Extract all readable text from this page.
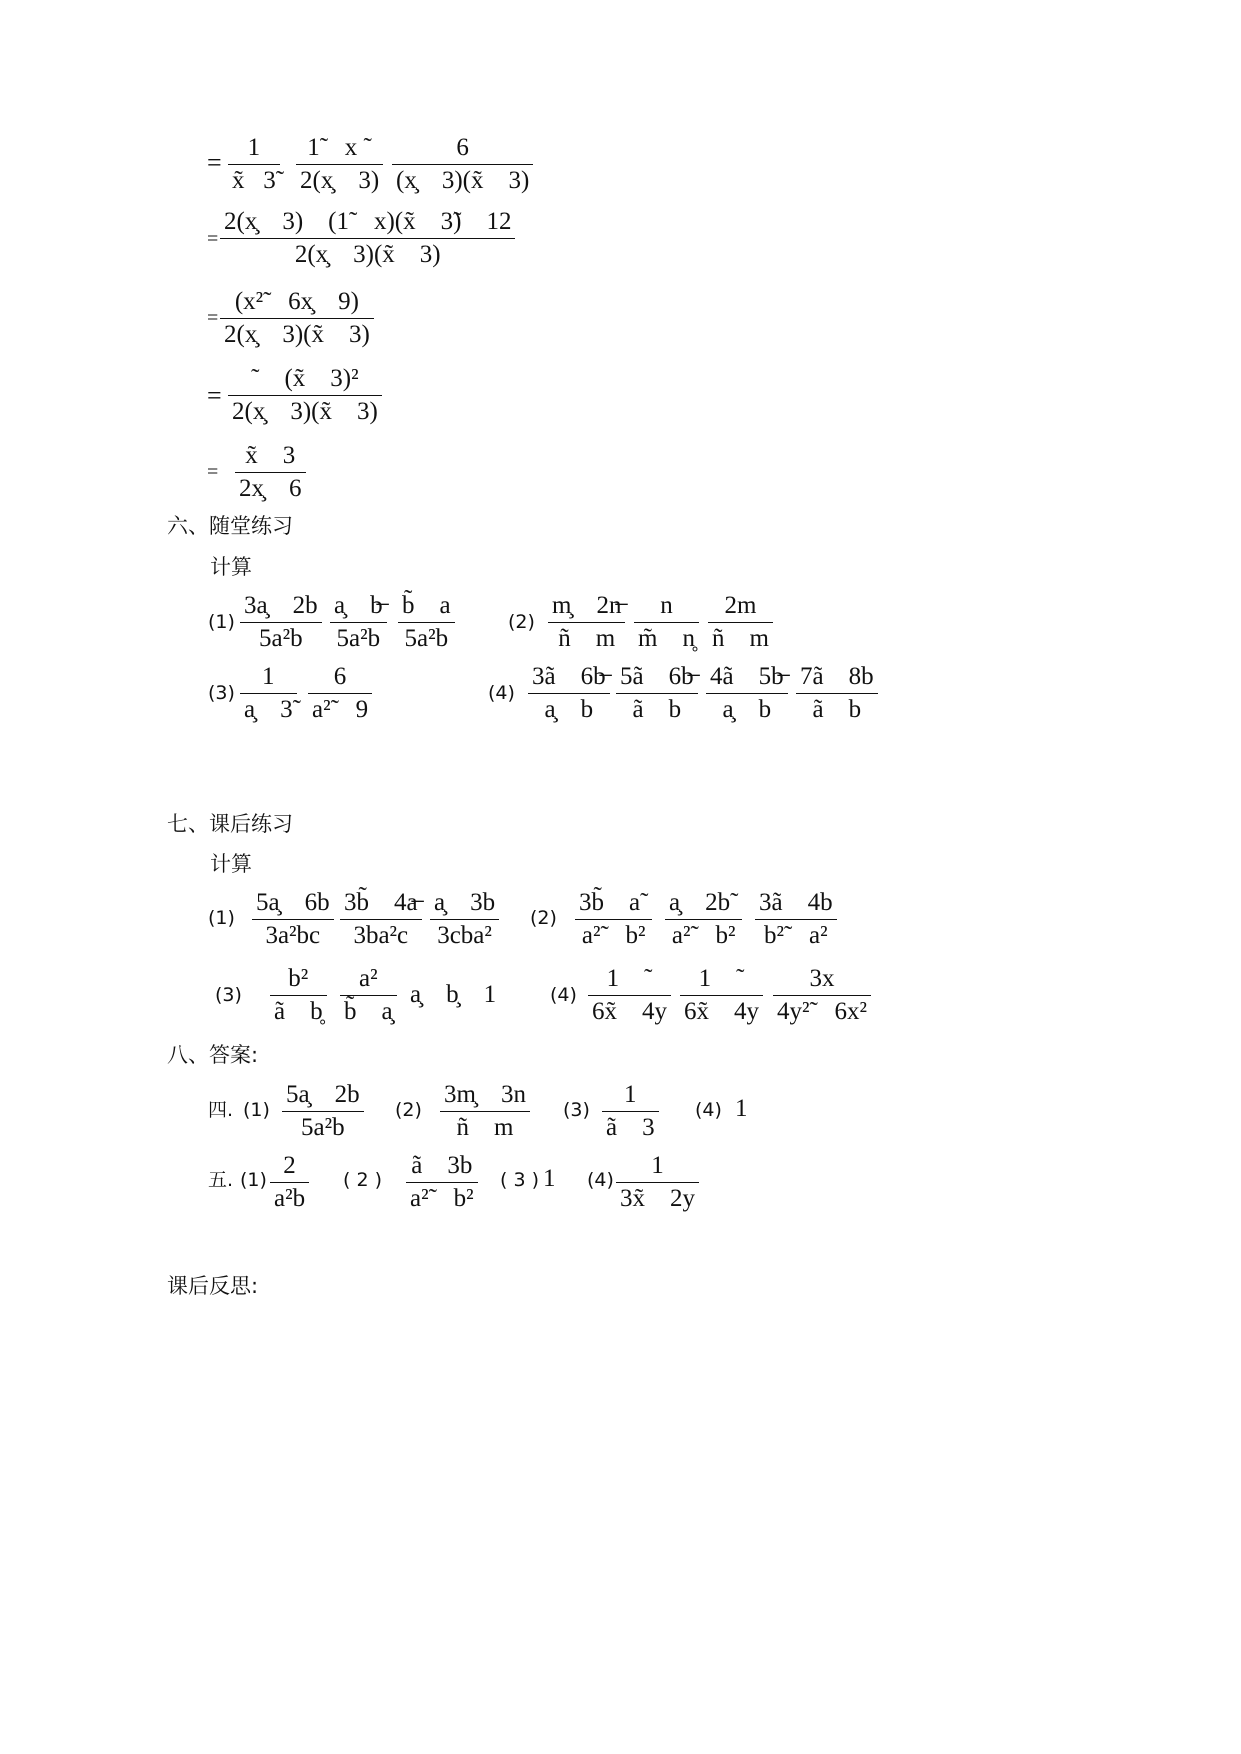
=
1
x̃   3̃
1̃    x ˜
2(x̧    3)
6
(x̧    3)(x̃    3)
=
2(x̧    3)    (1̃    x)(x̃    3̃)    12
2(x̧    3)(x̃    3)
=
(x²̃    6x̧    9)
2(x̧    3)(x̃    3)
=
˜    (x̃    3)²
2(x̧    3)(x̃    3)
=
x̃    3
2x̧    6
六、随堂练习
计算
(1)
3a̧    2b
5a²b
a̧    b̶
5a²b
b̃    a
5a²b
(2)
m̧    2n̶
ñ    m
n
m̃    n̥
2m
ñ    m
(3)
1
a̧    3̃
6
a²̃    9
(4)
3ã    6b̶
a̧    b
5ã    6b̶
ã    b
4ã    5b̶
a̧    b
7ã    8b
ã    b
七、课后练习
计算
(1)
5a̧    6b
3a²bc
3b̃    4a̶
3ba²c
a̧    3b
3cba²
(2)
3b̃    a˜
a²̃    b²
a̧    2b˜
a²̃    b²
3ã    4b
b²̃    a²
(3)
b²
ã    b̥
a²
b̃    a̧
a̧    b̧    1	(4)
1    ˜
6x̃    4y
1    ˜
6x̃    4y
3x
4y²̃    6x²
八、答案:
四. (1)
5a̧    2b
5a²b
(2)
3m̧    3n
ñ    m
(3)
1
ã    3
(4) 1
五. (1)
2
a²b
( 2 )
ã    3b
a²̃    b²
( 3 ) 1 (4)
1
3x̃    2y
课后反思:
